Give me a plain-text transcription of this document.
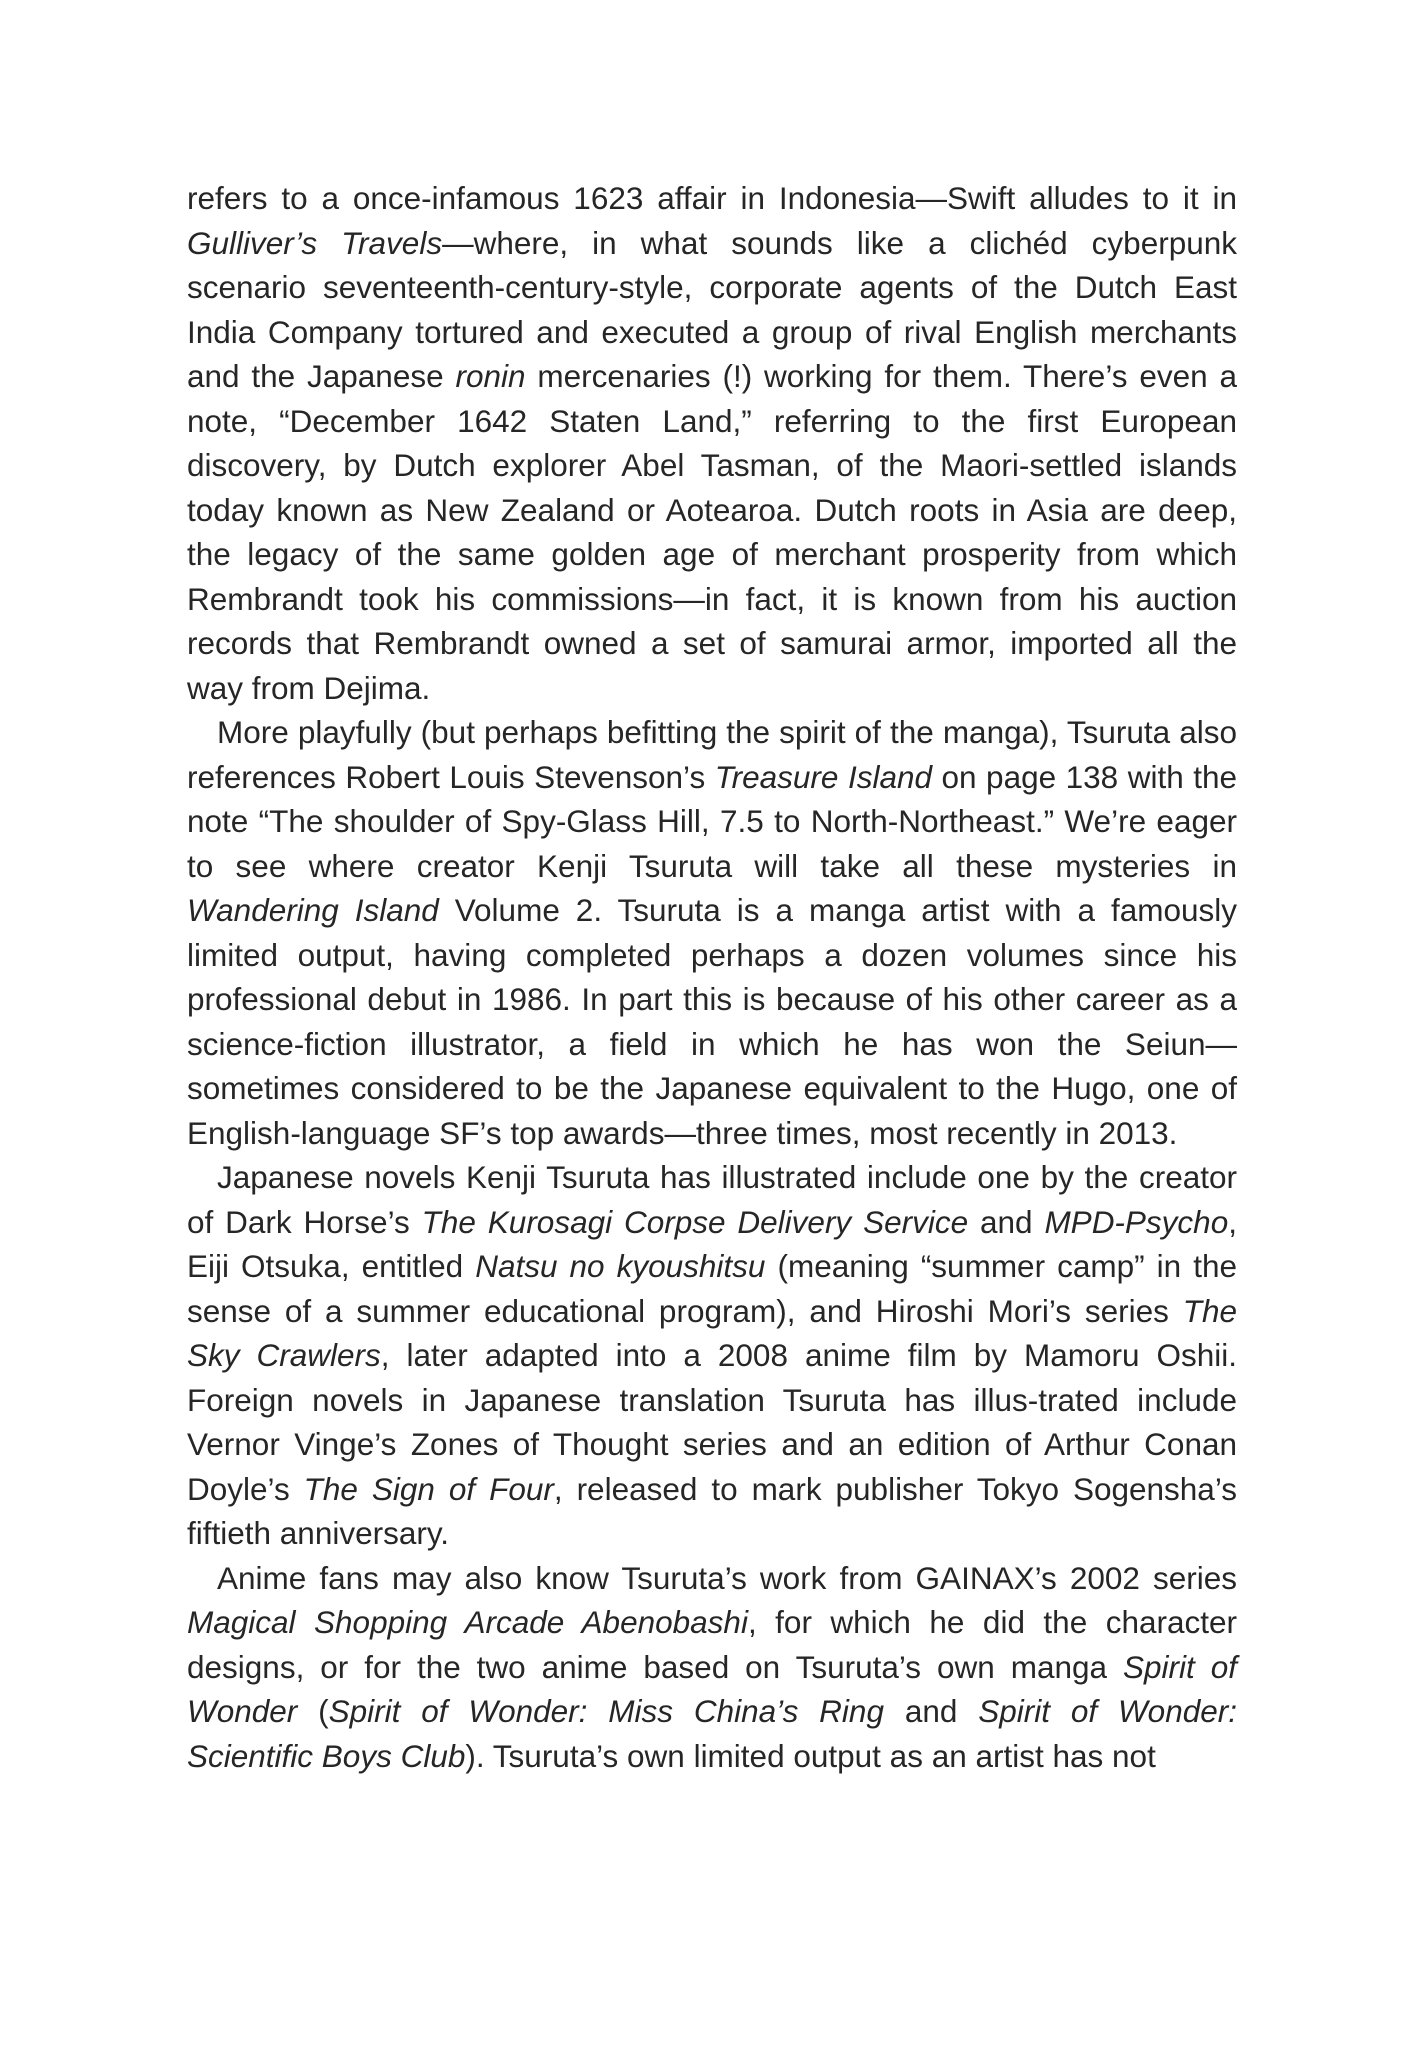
refers to a once-infamous 1623 affair in Indonesia—Swift alludes to it in Gulliver’s Travels—where, in what sounds like a clichéd cyberpunk scenario seventeenth-century-style, corporate agents of the Dutch East India Company tortured and executed a group of rival English merchants and the Japanese ronin mercenaries (!) working for them. There’s even a note, “December 1642 Staten Land,” referring to the first European discovery, by Dutch explorer Abel Tasman, of the Maori-settled islands today known as New Zealand or Aotearoa. Dutch roots in Asia are deep, the legacy of the same golden age of merchant prosperity from which Rembrandt took his commissions—in fact, it is known from his auction records that Rembrandt owned a set of samurai armor, imported all the way from Dejima.

More playfully (but perhaps befitting the spirit of the manga), Tsuruta also references Robert Louis Stevenson’s Treasure Island on page 138 with the note “The shoulder of Spy-Glass Hill, 7.5 to North-Northeast.” We’re eager to see where creator Kenji Tsuruta will take all these mysteries in Wandering Island Volume 2. Tsuruta is a manga artist with a famously limited output, having completed perhaps a dozen volumes since his professional debut in 1986. In part this is because of his other career as a science-fiction illustrator, a field in which he has won the Seiun—sometimes considered to be the Japanese equivalent to the Hugo, one of English-language SF’s top awards—three times, most recently in 2013.

Japanese novels Kenji Tsuruta has illustrated include one by the creator of Dark Horse’s The Kurosagi Corpse Delivery Service and MPD-Psycho, Eiji Otsuka, entitled Natsu no kyoushitsu (meaning “summer camp” in the sense of a summer educational program), and Hiroshi Mori’s series The Sky Crawlers, later adapted into a 2008 anime film by Mamoru Oshii. Foreign novels in Japanese translation Tsuruta has illus-trated include Vernor Vinge’s Zones of Thought series and an edition of Arthur Conan Doyle’s The Sign of Four, released to mark publisher Tokyo Sogensha’s fiftieth anniversary.

Anime fans may also know Tsuruta’s work from GAINAX’s 2002 series Magical Shopping Arcade Abenobashi, for which he did the character designs, or for the two anime based on Tsuruta’s own manga Spirit of Wonder (Spirit of Wonder: Miss China’s Ring and Spirit of Wonder: Scientific Boys Club). Tsuruta’s own limited output as an artist has not
